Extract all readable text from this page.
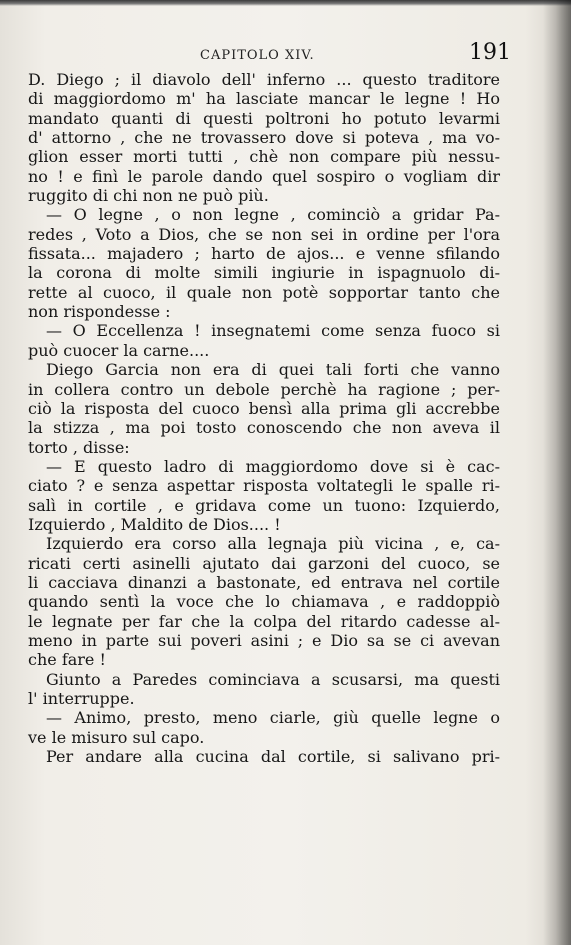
CAPITOLO XIV.	191
D. Diego ; il diavolo dell' inferno ... questo traditore
di maggiordomo m' ha lasciate mancar le legne ! Ho
mandato quanti di questi poltroni ho potuto levarmi
d' attorno , che ne trovassero dove si poteva , ma vo-
glion esser morti tutti , chè non compare più nessu-
no ! e finì le parole dando quel sospiro o vogliam dir
ruggito di chi non ne può più.
— O legne , o non legne , cominciò a gridar Pa-
redes , Voto a Dios, che se non sei in ordine per l'ora
fissata... majadero ; harto de ajos... e venne sfilando
la corona di molte simili ingiurie in ispagnuolo di-
rette al cuoco, il quale non potè sopportar tanto che
non rispondesse :
— O Eccellenza ! insegnatemi come senza fuoco si
può cuocer la carne....
Diego Garcia non era di quei tali forti che vanno
in collera contro un debole perchè ha ragione ; per-
ciò la risposta del cuoco bensì alla prima gli accrebbe
la stizza , ma poi tosto conoscendo che non aveva il
torto , disse:
— E questo ladro di maggiordomo dove si è cac-
ciato ? e senza aspettar risposta voltategli le spalle ri-
salì in cortile , e gridava come un tuono: Izquierdo,
Izquierdo , Maldito de Dios.... !
Izquierdo era corso alla legnaja più vicina , e, ca-
ricati certi asinelli ajutato dai garzoni del cuoco, se
li cacciava dinanzi a bastonate, ed entrava nel cortile
quando sentì la voce che lo chiamava , e raddoppiò
le legnate per far che la colpa del ritardo cadesse al-
meno in parte sui poveri asini ; e Dio sa se ci avevan
che fare !
Giunto a Paredes cominciava a scusarsi, ma questi
l' interruppe.
— Animo, presto, meno ciarle, giù quelle legne o
ve le misuro sul capo.
Per andare alla cucina dal cortile, si salivano pri-
